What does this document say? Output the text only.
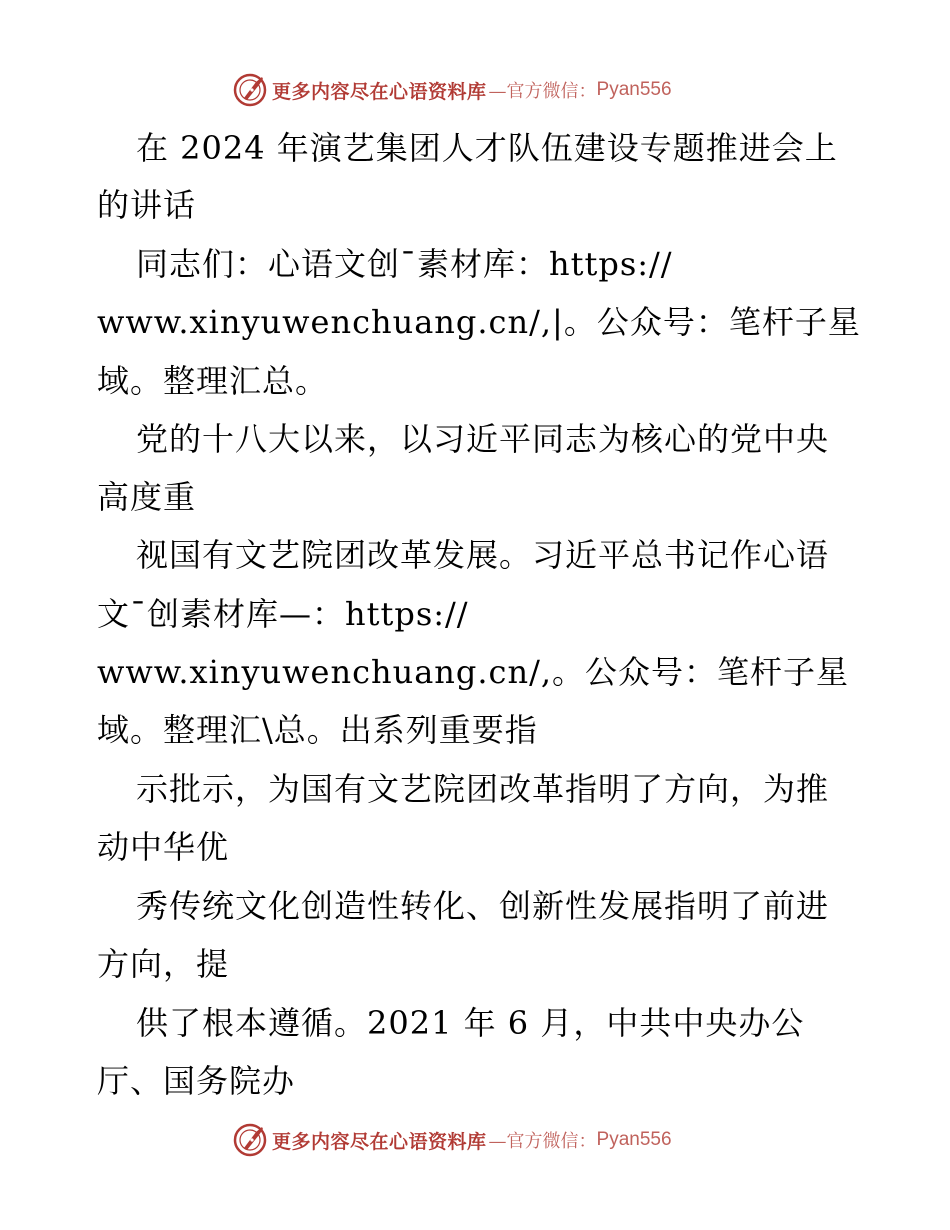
更多内容尽在心语资料库 —官方微信： Pyan556

在 2024 年演艺集团人才队伍建设专题推进会上

的讲话

同志们：心语文创¯素材库：https://

www.xinyuwenchuang.cn/,|。公众号：笔杆子星

域。整理汇总。

党的十八大以来，以习近平同志为核心的党中央

高度重

视国有文艺院团改革发展。习近平总书记作心语

文¯创素材库—：https://

www.xinyuwenchuang.cn/,。公众号：笔杆子星

域。整理汇\总。出系列重要指

示批示，为国有文艺院团改革指明了方向，为推

动中华优

秀传统文化创造性转化、创新性发展指明了前进

方向，提

供了根本遵循。2021 年 6 月，中共中央办公

厅、国务院办

更多内容尽在心语资料库 —官方微信： Pyan556
